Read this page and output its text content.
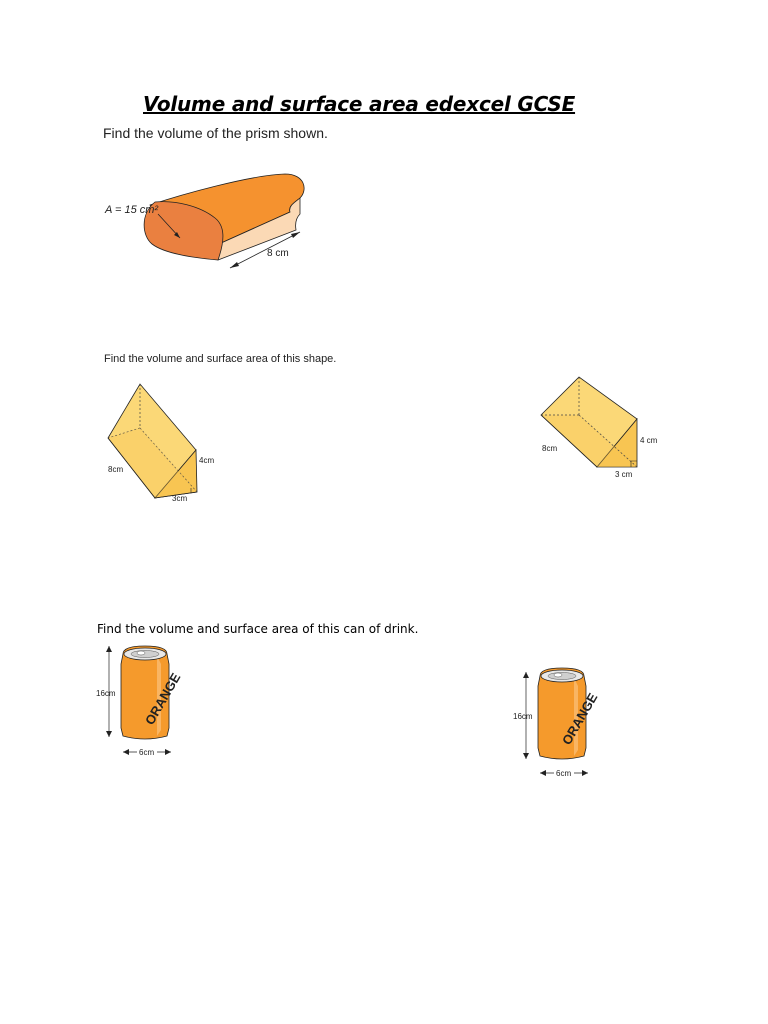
Volume and surface area edexcel GCSE
Find the volume of the prism shown.
A = 15 cm²
8 cm
Find the volume and surface area of this shape.
8cm
4cm
3cm
8cm
4 cm
3 cm
Find the volume and surface area of this can of drink.
ORANGE
16cm
6cm
ORANGE
16cm
6cm
